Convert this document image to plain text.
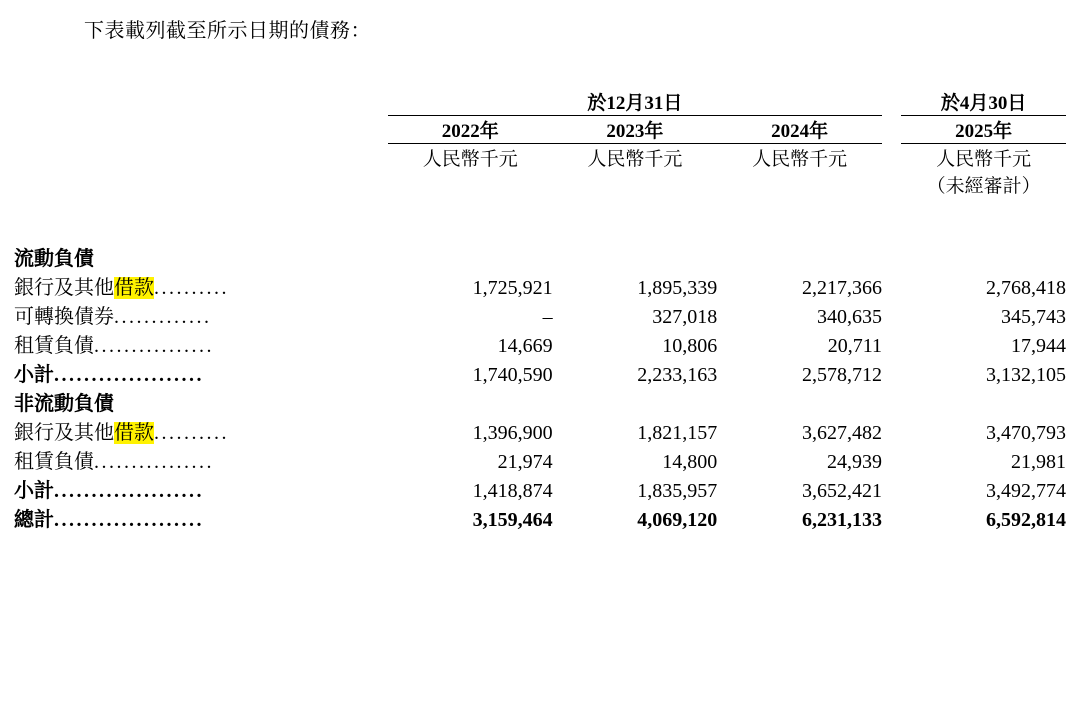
下表載列截至所示日期的債務：
	於12月31日				於4月30日

	2022年	2023年	2024年		2025年

	人民幣千元	人民幣千元	人民幣千元		人民幣千元
					（未經審計）

流動負債					
銀行及其他借款..........	1,725,921	1,895,339	2,217,366		2,768,418
可轉換債券.............	–	327,018	340,635		345,743
租賃負債................	14,669	10,806	20,711		17,944
小計....................	1,740,590	2,233,163	2,578,712		3,132,105
非流動負債					
銀行及其他借款..........	1,396,900	1,821,157	3,627,482		3,470,793
租賃負債................	21,974	14,800	24,939		21,981
小計....................	1,418,874	1,835,957	3,652,421		3,492,774
總計....................	3,159,464	4,069,120	6,231,133		6,592,814
